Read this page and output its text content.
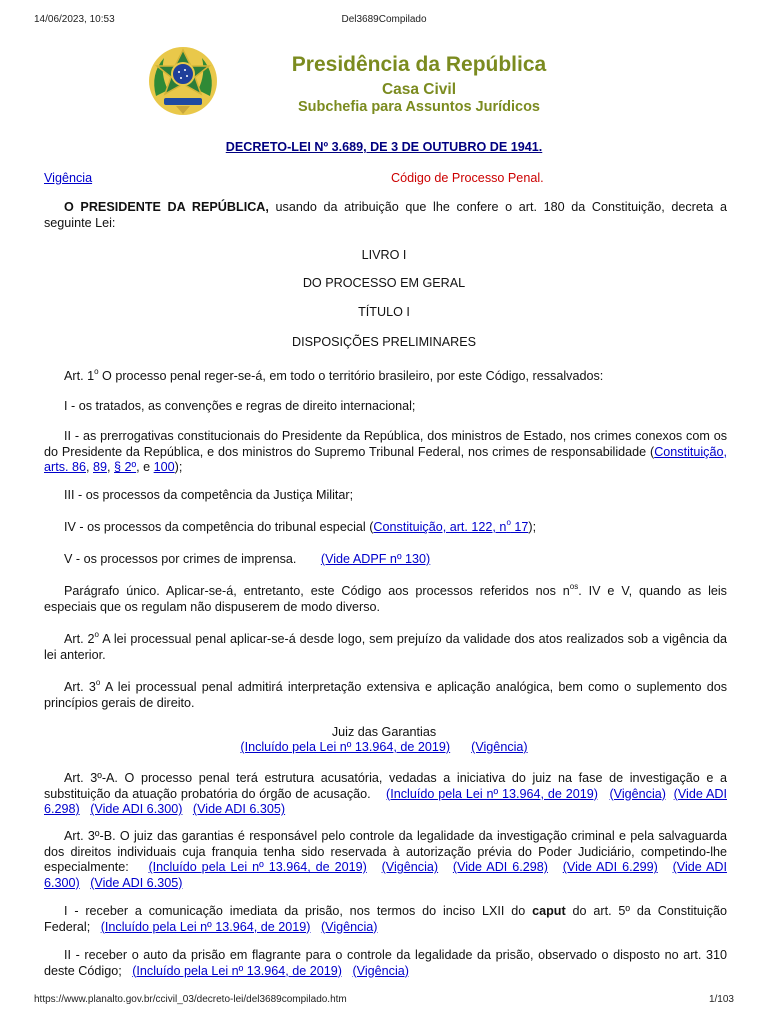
14/06/2023, 10:53	Del3689Compilado
Presidência da República
Casa Civil
Subchefia para Assuntos Jurídicos
DECRETO-LEI Nº 3.689, DE 3 DE OUTUBRO DE 1941.
Vigência	Código de Processo Penal.
O PRESIDENTE DA REPÚBLICA, usando da atribuição que lhe confere o art. 180 da Constituição, decreta a seguinte Lei:
LIVRO I
DO PROCESSO EM GERAL
TÍTULO I
DISPOSIÇÕES PRELIMINARES
Art. 1$^o$ O processo penal reger-se-á, em todo o território brasileiro, por este Código, ressalvados:
I - os tratados, as convenções e regras de direito internacional;
II - as prerrogativas constitucionais do Presidente da República, dos ministros de Estado, nos crimes conexos com os do Presidente da República, e dos ministros do Supremo Tribunal Federal, nos crimes de responsabilidade (Constituição, arts. 86, 89, § 2º, e 100);
III - os processos da competência da Justiça Militar;
IV - os processos da competência do tribunal especial (Constituição, art. 122, $n^o$ 17);
V - os processos por crimes de imprensa. (Vide ADPF nº 130)
Parágrafo único. Aplicar-se-á, entretanto, este Código aos processos referidos nos $n^{os}$. IV e V, quando as leis especiais que os regulam não dispuserem de modo diverso.
Art. 2$^o$ A lei processual penal aplicar-se-á desde logo, sem prejuízo da validade dos atos realizados sob a vigência da lei anterior.
Art. 3$^o$ A lei processual penal admitirá interpretação extensiva e aplicação analógica, bem como o suplemento dos princípios gerais de direito.
Juiz das Garantias
(Incluído pela Lei nº 13.964, de 2019) (Vigência)
Art. 3º-A. O processo penal terá estrutura acusatória, vedadas a iniciativa do juiz na fase de investigação e a substituição da atuação probatória do órgão de acusação. (Incluído pela Lei nº 13.964, de 2019) (Vigência) (Vide ADI 6.298) (Vide ADI 6.300) (Vide ADI 6.305)
Art. 3º-B. O juiz das garantias é responsável pelo controle da legalidade da investigação criminal e pela salvaguarda dos direitos individuais cuja franquia tenha sido reservada à autorização prévia do Poder Judiciário, competindo-lhe especialmente: (Incluído pela Lei nº 13.964, de 2019) (Vigência) (Vide ADI 6.298) (Vide ADI 6.299) (Vide ADI 6.300) (Vide ADI 6.305)
I - receber a comunicação imediata da prisão, nos termos do inciso LXII do caput do art. 5º da Constituição Federal; (Incluído pela Lei nº 13.964, de 2019) (Vigência)
II - receber o auto da prisão em flagrante para o controle da legalidade da prisão, observado o disposto no art. 310 deste Código; (Incluído pela Lei nº 13.964, de 2019) (Vigência)
https://www.planalto.gov.br/ccivil_03/decreto-lei/del3689compilado.htm	1/103
